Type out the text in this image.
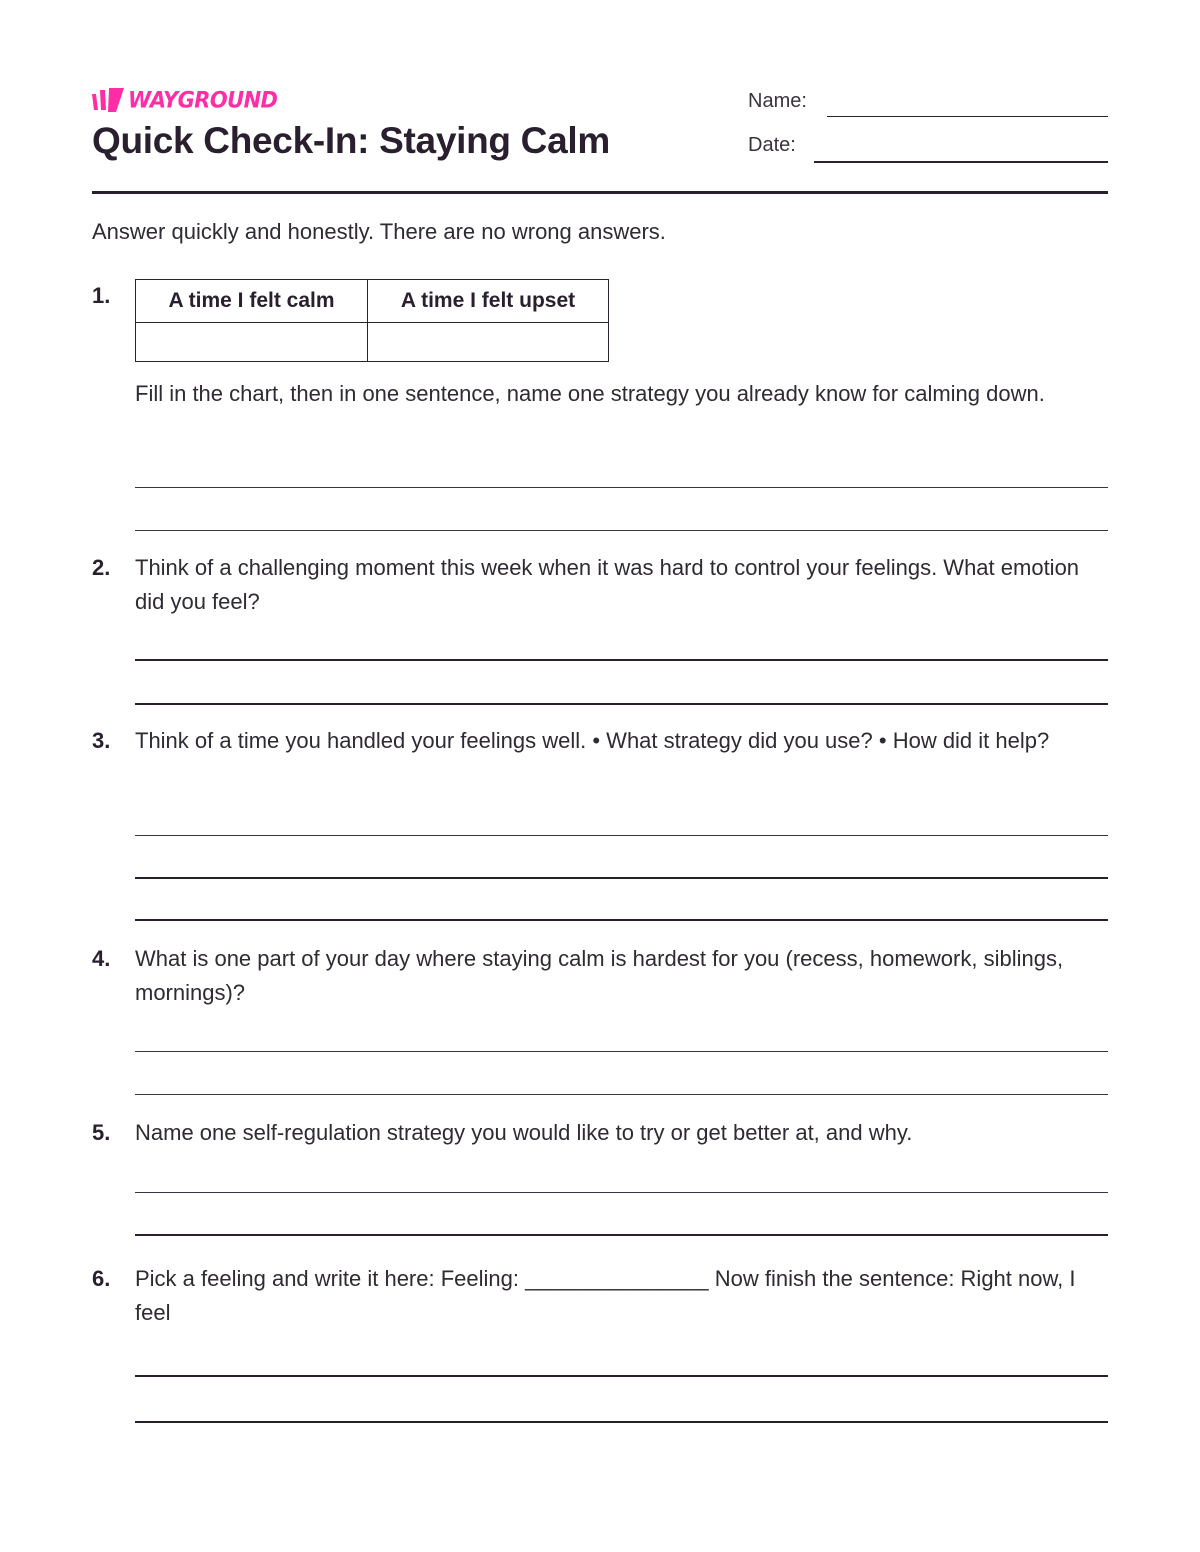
WAYGROUND
Quick Check-In: Staying Calm
Name:
Date:
Answer quickly and honestly. There are no wrong answers.
1.	A time I felt calm	A time I felt upset

Fill in the chart, then in one sentence, name one strategy you already know for calming down.
2. Think of a challenging moment this week when it was hard to control your feelings. What emotion did you feel?
3. Think of a time you handled your feelings well. • What strategy did you use? • How did it help?
4. What is one part of your day where staying calm is hardest for you (recess, homework, siblings, mornings)?
5. Name one self-regulation strategy you would like to try or get better at, and why.
6. Pick a feeling and write it here: Feeling: _______________ Now finish the sentence: Right now, I feel
